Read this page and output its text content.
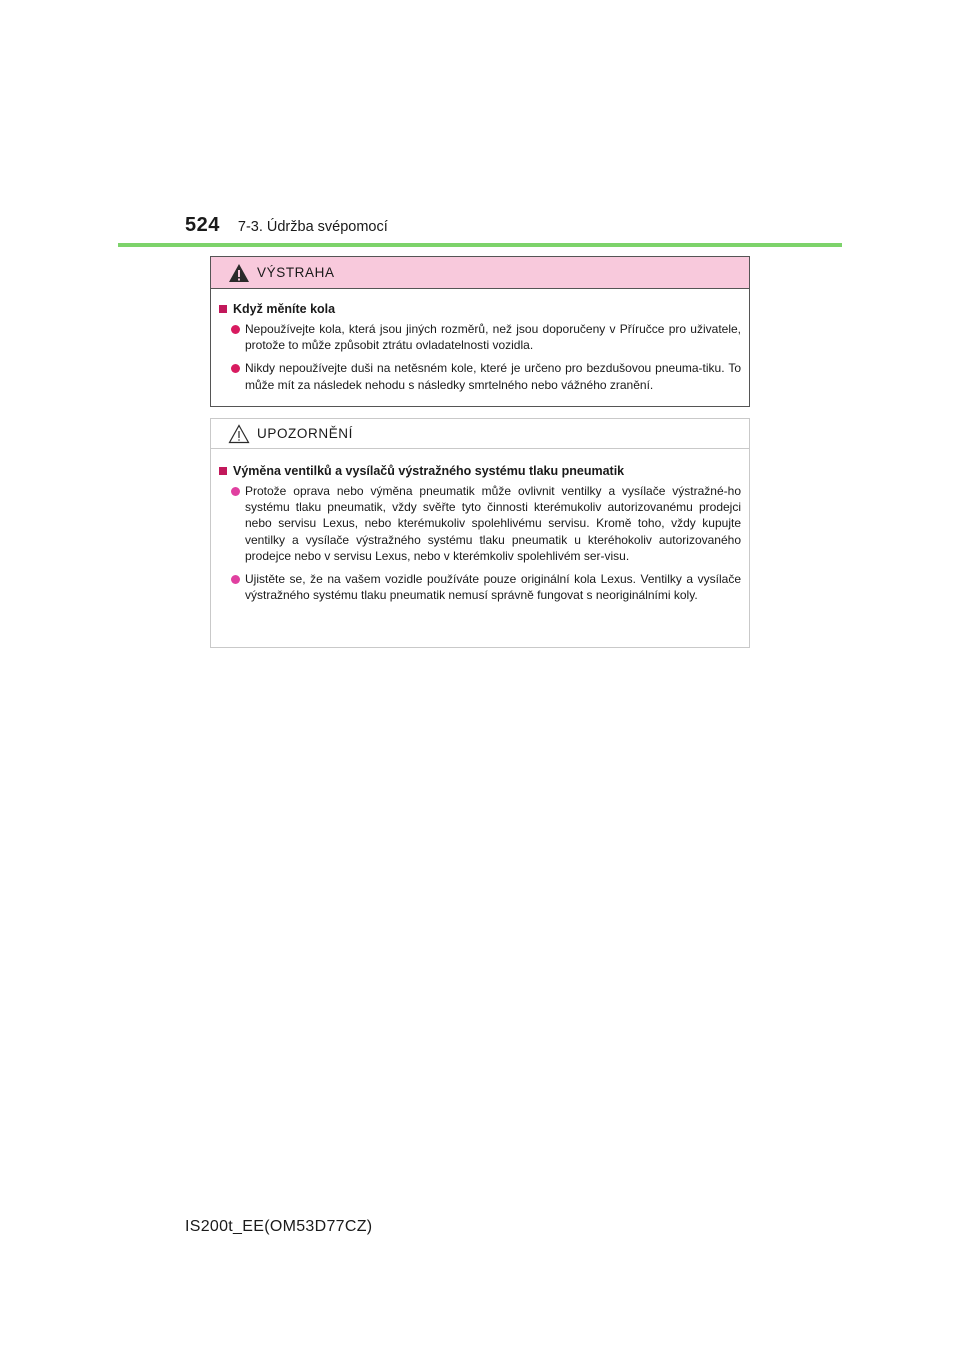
524 7-3. Údržba svépomocí
VÝSTRAHA
Když měníte kola
Nepoužívejte kola, která jsou jiných rozměrů, než jsou doporučeny v Příručce pro uživatele, protože to může způsobit ztrátu ovladatelnosti vozidla.
Nikdy nepoužívejte duši na netěsném kole, které je určeno pro bezdušovou pneuma-tiku. To může mít za následek nehodu s následky smrtelného nebo vážného zranění.
UPOZORNĚNÍ
Výměna ventilků a vysílačů výstražného systému tlaku pneumatik
Protože oprava nebo výměna pneumatik může ovlivnit ventilky a vysílače výstražné-ho systému tlaku pneumatik, vždy svěřte tyto činnosti kterémukoliv autorizovanému prodejci nebo servisu Lexus, nebo kterémukoliv spolehlivému servisu. Kromě toho, vždy kupujte ventilky a vysílače výstražného systému tlaku pneumatik u kteréhokoliv autorizovaného prodejce nebo v servisu Lexus, nebo v kterémkoliv spolehlivém ser-visu.
Ujistěte se, že na vašem vozidle používáte pouze originální kola Lexus. Ventilky a vysílače výstražného systému tlaku pneumatik nemusí správně fungovat s neoriginálními koly.
IS200t_EE(OM53D77CZ)
